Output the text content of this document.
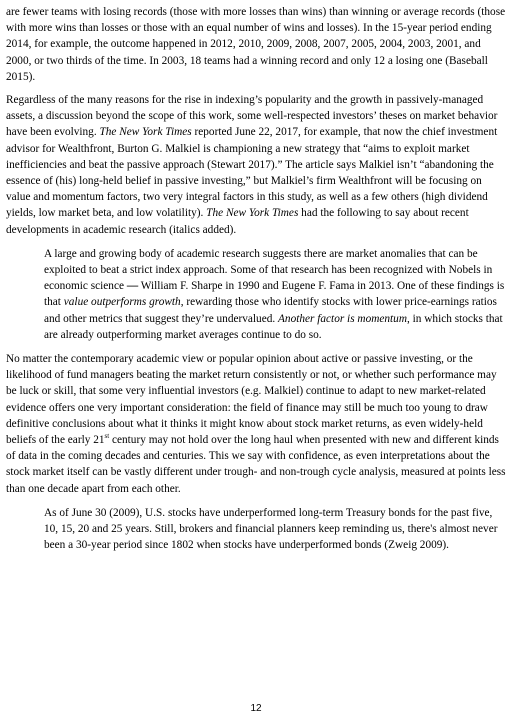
are fewer teams with losing records (those with more losses than wins) than winning or average records (those with more wins than losses or those with an equal number of wins and losses). In the 15-year period ending 2014, for example, the outcome happened in 2012, 2010, 2009, 2008, 2007, 2005, 2004, 2003, 2001, and 2000, or two thirds of the time. In 2003, 18 teams had a winning record and only 12 a losing one (Baseball 2015).

Regardless of the many reasons for the rise in indexing’s popularity and the growth in passively-managed assets, a discussion beyond the scope of this work, some well-respected investors’ theses on market behavior have been evolving. The New York Times reported June 22, 2017, for example, that now the chief investment advisor for Wealthfront, Burton G. Malkiel is championing a new strategy that “aims to exploit market inefficiencies and beat the passive approach (Stewart 2017).” The article says Malkiel isn’t “abandoning the essence of (his) long-held belief in passive investing,” but Malkiel’s firm Wealthfront will be focusing on value and momentum factors, two very integral factors in this study, as well as a few others (high dividend yields, low market beta, and low volatility). The New York Times had the following to say about recent developments in academic research (italics added).

A large and growing body of academic research suggests there are market anomalies that can be exploited to beat a strict index approach. Some of that research has been recognized with Nobels in economic science — William F. Sharpe in 1990 and Eugene F. Fama in 2013. One of these findings is that value outperforms growth, rewarding those who identify stocks with lower price-earnings ratios and other metrics that suggest they’re undervalued. Another factor is momentum, in which stocks that are already outperforming market averages continue to do so.

No matter the contemporary academic view or popular opinion about active or passive investing, or the likelihood of fund managers beating the market return consistently or not, or whether such performance may be luck or skill, that some very influential investors (e.g. Malkiel) continue to adapt to new market-related evidence offers one very important consideration: the field of finance may still be much too young to draw definitive conclusions about what it thinks it might know about stock market returns, as even widely-held beliefs of the early 21st century may not hold over the long haul when presented with new and different kinds of data in the coming decades and centuries. This we say with confidence, as even interpretations about the stock market itself can be vastly different under trough- and non-trough cycle analysis, measured at points less than one decade apart from each other.

As of June 30 (2009), U.S. stocks have underperformed long-term Treasury bonds for the past five, 10, 15, 20 and 25 years. Still, brokers and financial planners keep reminding us, there's almost never been a 30-year period since 1802 when stocks have underperformed bonds (Zweig 2009).

12
